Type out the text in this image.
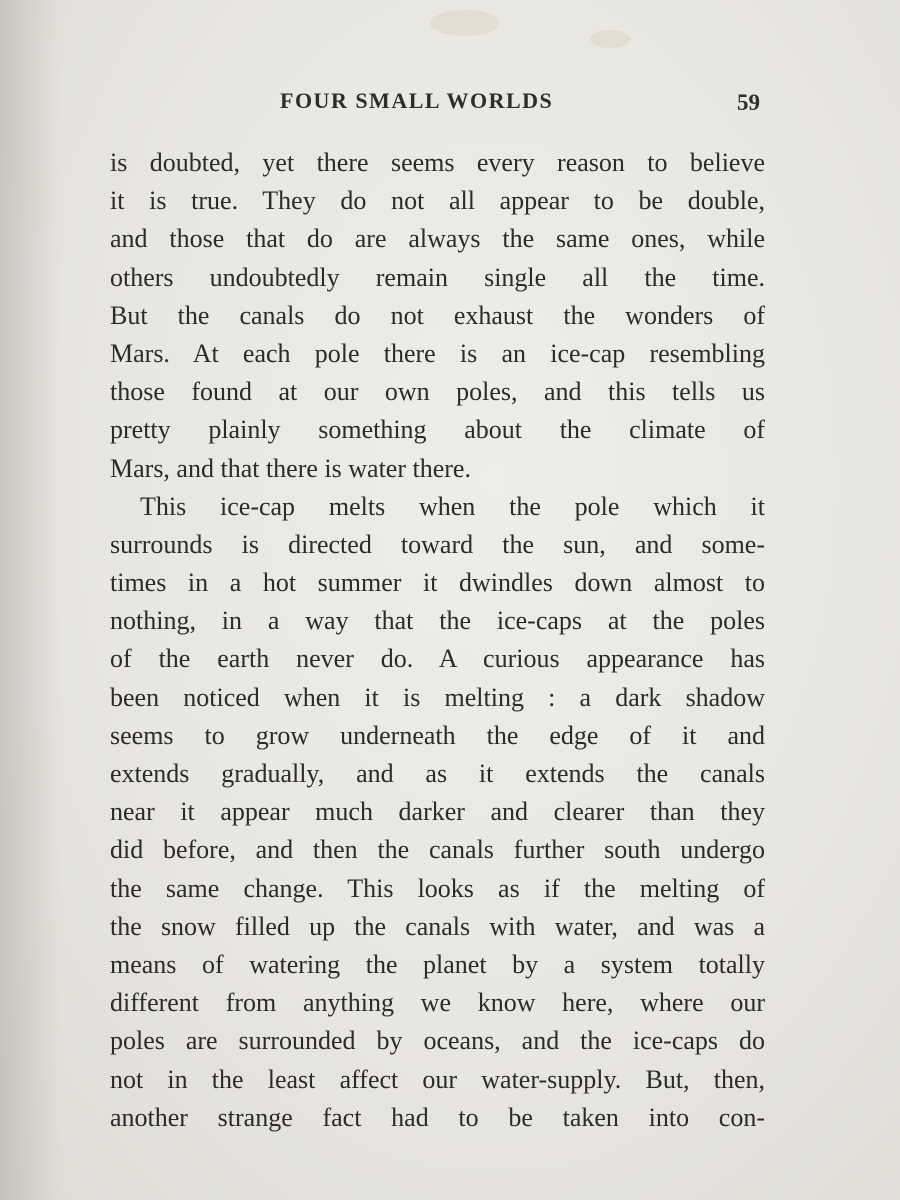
FOUR SMALL WORLDS	59
is doubted, yet there seems every reason to believe
it is true. They do not all appear to be double,
and those that do are always the same ones, while
others undoubtedly remain single all the time.
But the canals do not exhaust the wonders of
Mars. At each pole there is an ice-cap resembling
those found at our own poles, and this tells us
pretty plainly something about the climate of
Mars, and that there is water there.
This ice-cap melts when the pole which it
surrounds is directed toward the sun, and some-
times in a hot summer it dwindles down almost to
nothing, in a way that the ice-caps at the poles
of the earth never do. A curious appearance has
been noticed when it is melting : a dark shadow
seems to grow underneath the edge of it and
extends gradually, and as it extends the canals
near it appear much darker and clearer than they
did before, and then the canals further south undergo
the same change. This looks as if the melting of
the snow filled up the canals with water, and was a
means of watering the planet by a system totally
different from anything we know here, where our
poles are surrounded by oceans, and the ice-caps do
not in the least affect our water-supply. But, then,
another strange fact had to be taken into con-
